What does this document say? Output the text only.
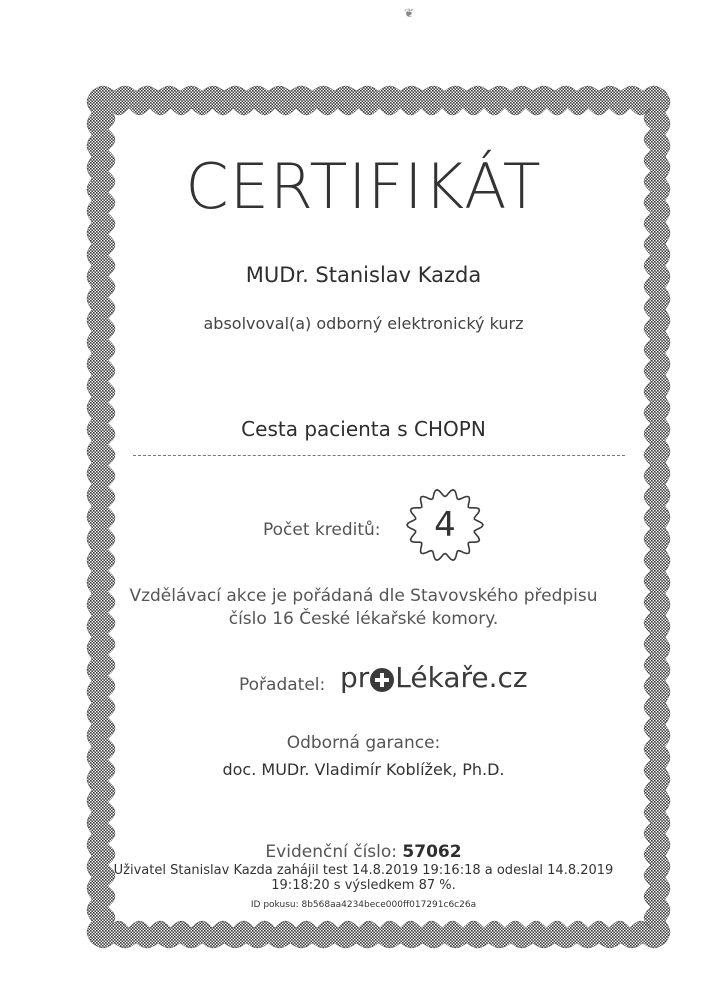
❦
CERTIFIKÁT
MUDr. Stanislav Kazda
absolvoval(a) odborný elektronický kurz
Cesta pacienta s CHOPN
Počet kreditů:	4
Vzdělávací akce je pořádaná dle Stavovského předpisu
číslo 16 České lékařské komory.
Pořadatel: pr Lékaře.cz
Odborná garance:
doc. MUDr. Vladimír Koblížek, Ph.D.
Evidenční číslo: 57062
Uživatel Stanislav Kazda zahájil test 14.8.2019 19:16:18 a odeslal 14.8.2019
19:18:20 s výsledkem 87 %.
ID pokusu: 8b568aa4234bece000ff017291c6c26a
